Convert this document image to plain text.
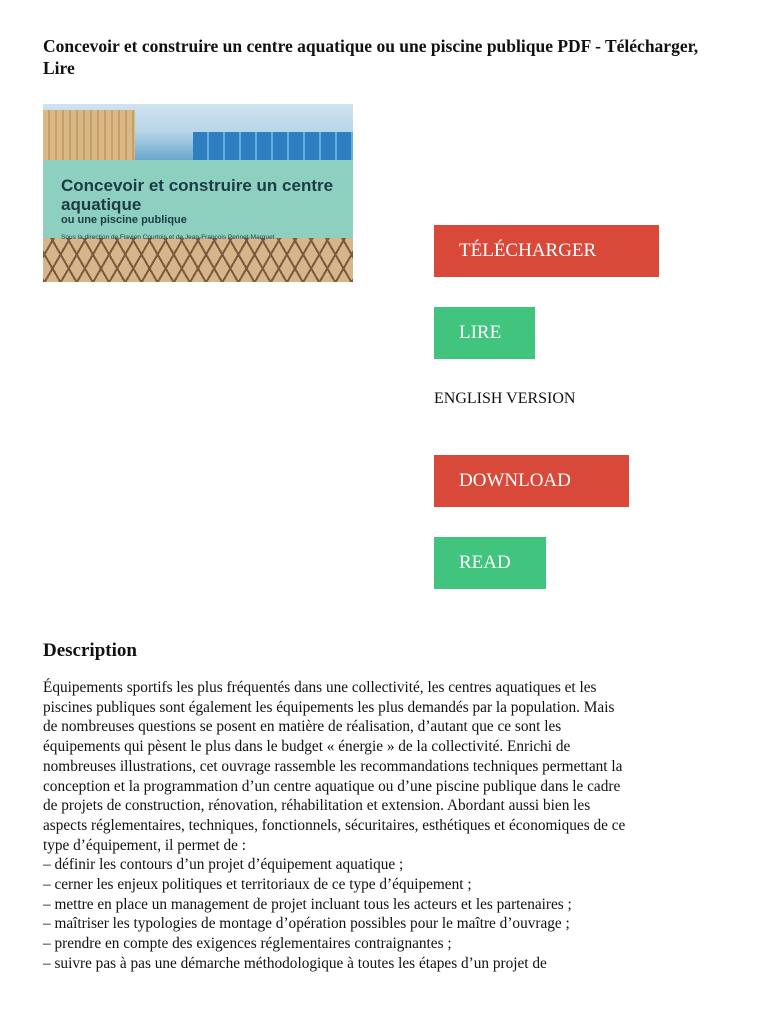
Concevoir et construire un centre aquatique ou une piscine publique PDF - Télécharger, Lire
Concevoir et construire un centre aquatique
ou une piscine publique
Sous la direction de Flavien Courtois et de Jean-François Perinet-Marquet
TÉLÉCHARGER
LIRE
ENGLISH VERSION
DOWNLOAD
READ
Description
Équipements sportifs les plus fréquentés dans une collectivité, les centres aquatiques et les
piscines publiques sont également les équipements les plus demandés par la population. Mais
de nombreuses questions se posent en matière de réalisation, d’autant que ce sont les
équipements qui pèsent le plus dans le budget « énergie » de la collectivité. Enrichi de
nombreuses illustrations, cet ouvrage rassemble les recommandations techniques permettant la
conception et la programmation d’un centre aquatique ou d’une piscine publique dans le cadre
de projets de construction, rénovation, réhabilitation et extension. Abordant aussi bien les
aspects réglementaires, techniques, fonctionnels, sécuritaires, esthétiques et économiques de ce
type d’équipement, il permet de :
– définir les contours d’un projet d’équipement aquatique ;
– cerner les enjeux politiques et territoriaux de ce type d’équipement ;
– mettre en place un management de projet incluant tous les acteurs et les partenaires ;
– maîtriser les typologies de montage d’opération possibles pour le maître d’ouvrage ;
– prendre en compte des exigences réglementaires contraignantes ;
– suivre pas à pas une démarche méthodologique à toutes les étapes d’un projet de
